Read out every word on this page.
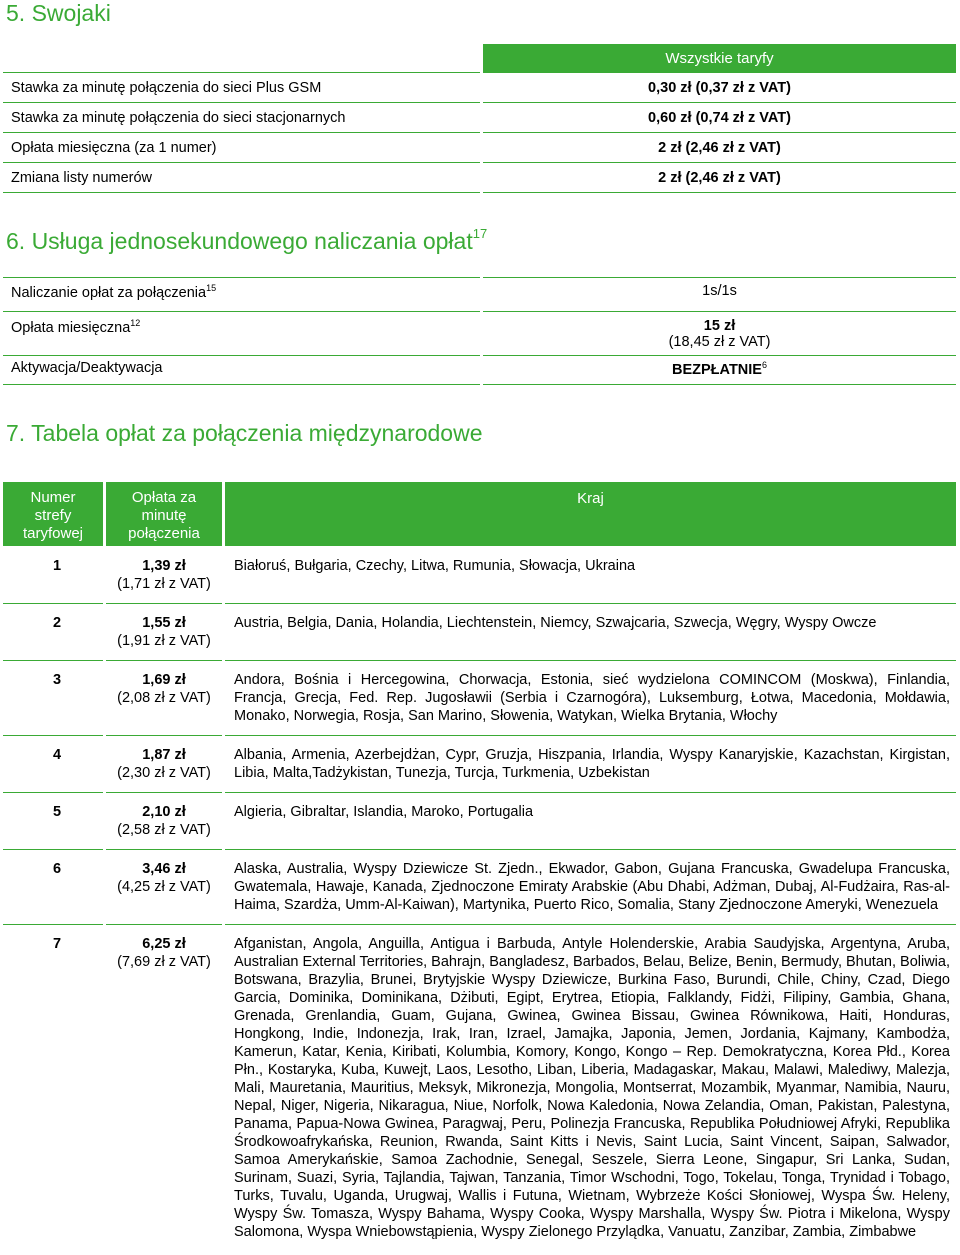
5. Swojaki
	Wszystkie taryfy
Stawka za minutę połączenia do sieci Plus GSM	0,30 zł (0,37 zł z VAT)
Stawka za minutę połączenia do sieci stacjonarnych	0,60 zł (0,74 zł z VAT)
Opłata miesięczna (za 1 numer)	2 zł (2,46 zł z VAT)
Zmiana listy numerów	2 zł (2,46 zł z VAT)
6. Usługa jednosekundowego naliczania opłat$^{17}$
Naliczanie opłat za połączenia$^{15}$	1s/1s
Opłata miesięczna$^{12}$	15 zł
(18,45 zł z VAT)
Aktywacja/Deaktywacja	BEZPŁATNIE$^6$
7. Tabela opłat za połączenia międzynarodowe
Numer
strefy
taryfowej	Opłata za
minutę
połączenia	Kraj
1	1,39 zł
(1,71 zł z VAT)	Białoruś, Bułgaria, Czechy, Litwa, Rumunia, Słowacja, Ukraina
2	1,55 zł
(1,91 zł z VAT)	Austria, Belgia, Dania, Holandia, Liechtenstein, Niemcy, Szwajcaria, Szwecja, Węgry, Wyspy Owcze
3	1,69 zł
(2,08 zł z VAT)	Andora, Bośnia i Hercegowina, Chorwacja, Estonia, sieć wydzielona COMINCOM (Moskwa), Finlandia, Francja, Grecja, Fed. Rep. Jugosławii (Serbia i Czarnogóra), Luksemburg, Łotwa, Macedonia, Mołdawia, Monako, Norwegia, Rosja, San Marino, Słowenia, Watykan, Wielka Brytania, Włochy
4	1,87 zł
(2,30 zł z VAT)	Albania, Armenia, Azerbejdżan, Cypr, Gruzja, Hiszpania, Irlandia, Wyspy Kanaryjskie, Kazachstan, Kirgistan, Libia, Malta,Tadżykistan, Tunezja, Turcja, Turkmenia, Uzbekistan
5	2,10 zł
(2,58 zł z VAT)	Algieria, Gibraltar, Islandia, Maroko, Portugalia
6	3,46 zł
(4,25 zł z VAT)	Alaska, Australia, Wyspy Dziewicze St. Zjedn., Ekwador, Gabon, Gujana Francuska, Gwadelupa Francuska, Gwatemala, Hawaje, Kanada, Zjednoczone Emiraty Arabskie (Abu Dhabi, Adżman, Dubaj, Al-Fudżaira, Ras-al-Haima, Szardża, Umm-Al-Kaiwan), Martynika, Puerto Rico, Somalia, Stany Zjednoczone Ameryki, Wenezuela
7	6,25 zł
(7,69 zł z VAT)	Afganistan, Angola, Anguilla, Antigua i Barbuda, Antyle Holenderskie, Arabia Saudyjska, Argentyna, Aruba, Australian External Territories, Bahrajn, Bangladesz, Barbados, Belau, Belize, Benin, Bermudy, Bhutan, Boliwia, Botswana, Brazylia, Brunei, Brytyjskie Wyspy Dziewicze, Burkina Faso, Burundi, Chile, Chiny, Czad, Diego Garcia, Dominika, Dominikana, Dżibuti, Egipt, Erytrea, Etiopia, Falklandy, Fidżi, Filipiny, Gambia, Ghana, Grenada, Grenlandia, Guam, Gujana, Gwinea, Gwinea Bissau, Gwinea Równikowa, Haiti, Honduras, Hongkong, Indie, Indonezja, Irak, Iran, Izrael, Jamajka, Japonia, Jemen, Jordania, Kajmany, Kambodża, Kamerun, Katar, Kenia, Kiribati, Kolumbia, Komory, Kongo, Kongo – Rep. Demokratyczna, Korea Płd., Korea Płn., Kostaryka, Kuba, Kuwejt, Laos, Lesotho, Liban, Liberia, Madagaskar, Makau, Malawi, Malediwy, Malezja, Mali, Mauretania, Mauritius, Meksyk, Mikronezja, Mongolia, Montserrat, Mozambik, Myanmar, Namibia, Nauru, Nepal, Niger, Nigeria, Nikaragua, Niue, Norfolk, Nowa Kaledonia, Nowa Zelandia, Oman, Pakistan, Palestyna, Panama, Papua-Nowa Gwinea, Paragwaj, Peru, Polinezja Francuska, Republika Południowej Afryki, Republika Środkowoafrykańska, Reunion, Rwanda, Saint Kitts i Nevis, Saint Lucia, Saint Vincent, Saipan, Salwador, Samoa Amerykańskie, Samoa Zachodnie, Senegal, Seszele, Sierra Leone, Singapur, Sri Lanka, Sudan, Surinam, Suazi, Syria, Tajlandia, Tajwan, Tanzania, Timor Wschodni, Togo, Tokelau, Tonga, Trynidad i Tobago, Turks, Tuvalu, Uganda, Urugwaj, Wallis i Futuna, Wietnam, Wybrzeże Kości Słoniowej, Wyspa Św. Heleny, Wyspy Św. Tomasza, Wyspy Bahama, Wyspy Cooka, Wyspy Marshalla, Wyspy Św. Piotra i Mikelona, Wyspy Salomona, Wyspa Wniebowstąpienia, Wyspy Zielonego Przylądka, Vanuatu, Zanzibar, Zambia, Zimbabwe
